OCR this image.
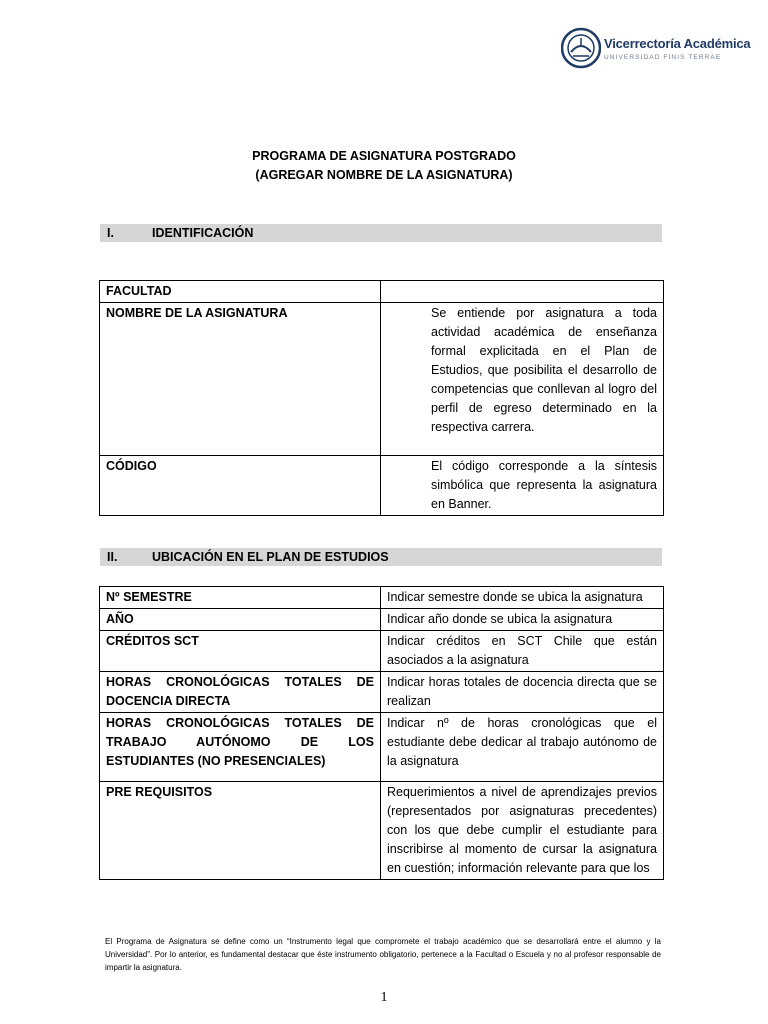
Vicerrectoría Académica
UNIVERSIDAD FINIS TERRAE
PROGRAMA DE ASIGNATURA POSTGRADO
(AGREGAR NOMBRE DE LA ASIGNATURA)
I.	IDENTIFICACIÓN
FACULTAD	
NOMBRE DE LA ASIGNATURA	Se entiende por asignatura a toda actividad académica de enseñanza formal explicitada en el Plan de Estudios, que posibilita el desarrollo de competencias que conllevan al logro del perfil de egreso determinado en la respectiva carrera.
CÓDIGO	El código corresponde a la síntesis simbólica que representa la asignatura en Banner.
II.	UBICACIÓN EN EL PLAN DE ESTUDIOS
Nº SEMESTRE	Indicar semestre donde se ubica la asignatura
AÑO	Indicar año donde se ubica la asignatura
CRÉDITOS SCT	Indicar créditos en SCT Chile que están asociados a la asignatura
HORAS CRONOLÓGICAS TOTALES DE DOCENCIA DIRECTA	Indicar horas totales de docencia directa que se realizan
HORAS CRONOLÓGICAS TOTALES DE TRABAJO AUTÓNOMO DE LOS ESTUDIANTES (NO PRESENCIALES)	Indicar nº de horas cronológicas que el estudiante debe dedicar al trabajo autónomo de la asignatura
PRE REQUISITOS	Requerimientos a nivel de aprendizajes previos (representados por asignaturas precedentes) con los que debe cumplir el estudiante para inscribirse al momento de cursar la asignatura en cuestión; información relevante para que los
El Programa de Asignatura se define como un “Instrumento legal que compromete el trabajo académico que se desarrollará entre el alumno y la Universidad”. Por lo anterior, es fundamental destacar que éste instrumento obligatorio, pertenece a la Facultad o Escuela y no al profesor responsable de impartir la asignatura.
1
